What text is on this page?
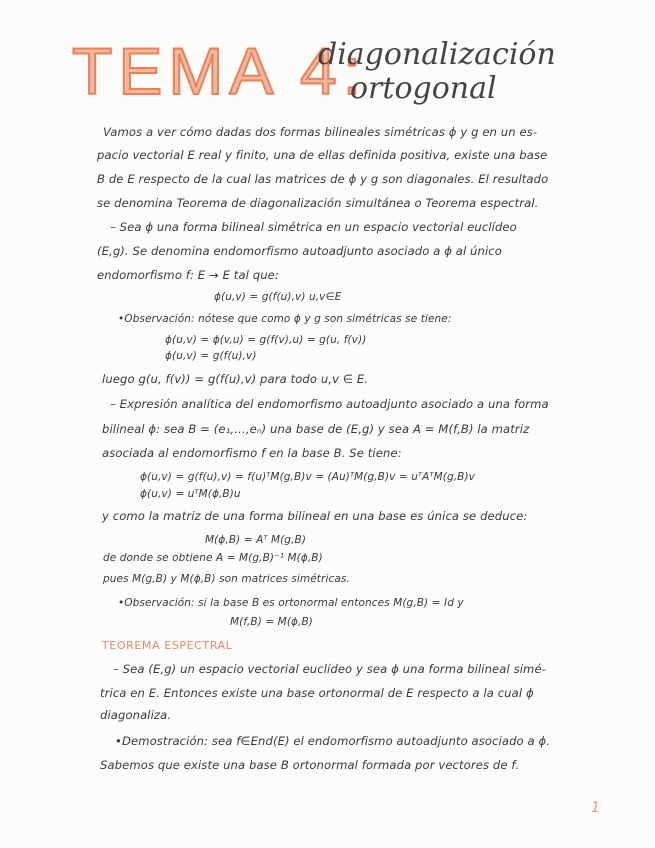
TEMA 4:
diagonalización
ortogonal
Vamos a ver cómo dadas dos formas bilineales simétricas ϕ y g en un es-
pacio vectorial E real y finito, una de ellas definida positiva, existe una base
B de E respecto de la cual las matrices de ϕ y g son diagonales. El resultado
se denomina Teorema de diagonalización simultánea o Teorema espectral.
– Sea ϕ una forma bilineal simétrica en un espacio vectorial euclídeo
(E,g). Se denomina endomorfismo autoadjunto asociado a ϕ al único
endomorfismo f: E → E tal que:
ϕ(u,v) = g(f(u),v) u,v∈E
•Observación: nótese que como ϕ y g son simétricas se tiene:
ϕ(u,v) = ϕ(v,u) = g(f(v),u) = g(u, f(v))
ϕ(u,v) = g(f(u),v)
luego g(u, f(v)) = g(f(u),v) para todo u,v ∈ E.
– Expresión analítica del endomorfismo autoadjunto asociado a una forma
bilineal ϕ: sea B = (e₁,…,eₙ) una base de (E,g) y sea A = M(f,B) la matriz
asociada al endomorfismo f en la base B. Se tiene:
ϕ(u,v) = g(f(u),v) = f(u)ᵀM(g,B)v = (Au)ᵀM(g,B)v = uᵀAᵀM(g,B)v
ϕ(u,v) = uᵀM(ϕ,B)u
y como la matriz de una forma bilineal en una base es única se deduce:
M(ϕ,B) = Aᵀ M(g,B)
de donde se obtiene A = M(g,B)⁻¹ M(ϕ,B)
pues M(g,B) y M(ϕ,B) son matrices simétricas.
•Observación: si la base B es ortonormal entonces M(g,B) = Id y
M(f,B) = M(ϕ,B)
TEOREMA ESPECTRAL
– Sea (E,g) un espacio vectorial euclídeo y sea ϕ una forma bilineal simé-
trica en E. Entonces existe una base ortonormal de E respecto a la cual ϕ
diagonaliza.
•Demostración: sea f∈End(E) el endomorfismo autoadjunto asociado a ϕ.
Sabemos que existe una base B ortonormal formada por vectores de f.
1
